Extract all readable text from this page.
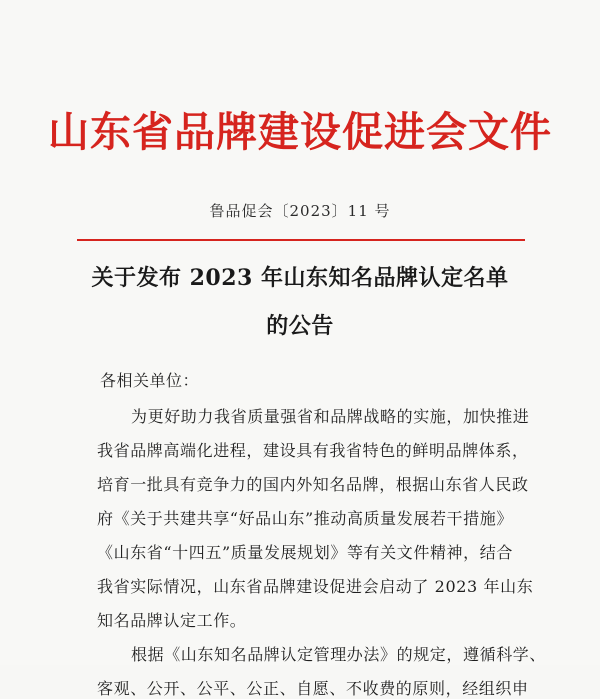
山东省品牌建设促进会文件
鲁品促会〔2023〕11 号
关于发布 2023 年山东知名品牌认定名单
的公告
各相关单位：
为更好助力我省质量强省和品牌战略的实施，加快推进
我省品牌高端化进程，建设具有我省特色的鲜明品牌体系，
培育一批具有竞争力的国内外知名品牌，根据山东省人民政
府《关于共建共享“好品山东”推动高质量发展若干措施》
《山东省“十四五”质量发展规划》等有关文件精神，结合
我省实际情况，山东省品牌建设促进会启动了 2023 年山东
知名品牌认定工作。
根据《山东知名品牌认定管理办法》的规定，遵循科学、
客观、公开、公平、公正、自愿、不收费的原则，经组织申
